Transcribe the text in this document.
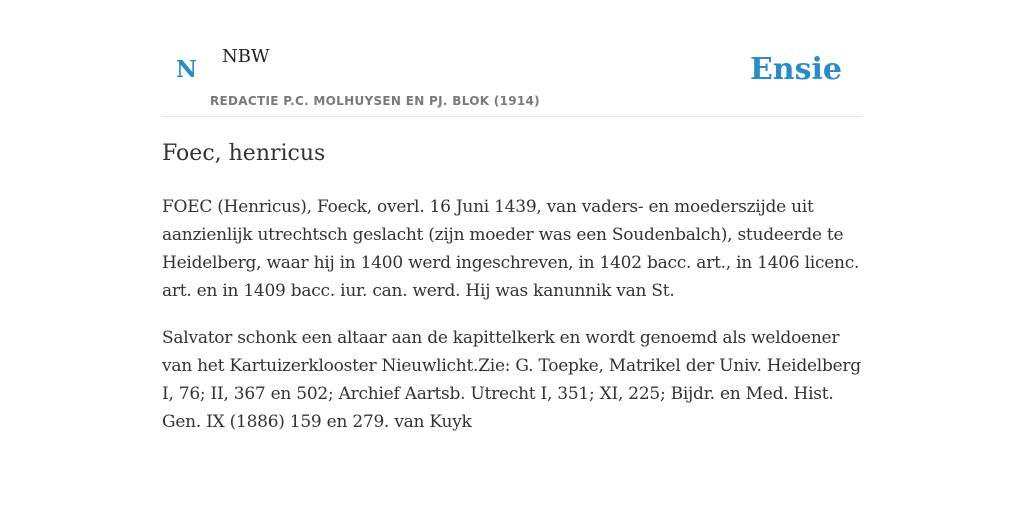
N NBW
REDACTIE P.C. MOLHUYSEN EN PJ. BLOK (1914)
Ensie
Foec, henricus

FOEC (Henricus), Foeck, overl. 16 Juni 1439, van vaders- en moederszijde uit aanzienlijk utrechtsch geslacht (zijn moeder was een Soudenbalch), studeerde te Heidelberg, waar hij in 1400 werd ingeschreven, in 1402 bacc. art., in 1406 licenc. art. en in 1409 bacc. iur. can. werd. Hij was kanunnik van St.

Salvator schonk een altaar aan de kapittelkerk en wordt genoemd als weldoener van het Kartuizerklooster Nieuwlicht.Zie: G. Toepke, Matrikel der Univ. Heidelberg I, 76; II, 367 en 502; Archief Aartsb. Utrecht I, 351; XI, 225; Bijdr. en Med. Hist. Gen. IX (1886) 159 en 279. van Kuyk
